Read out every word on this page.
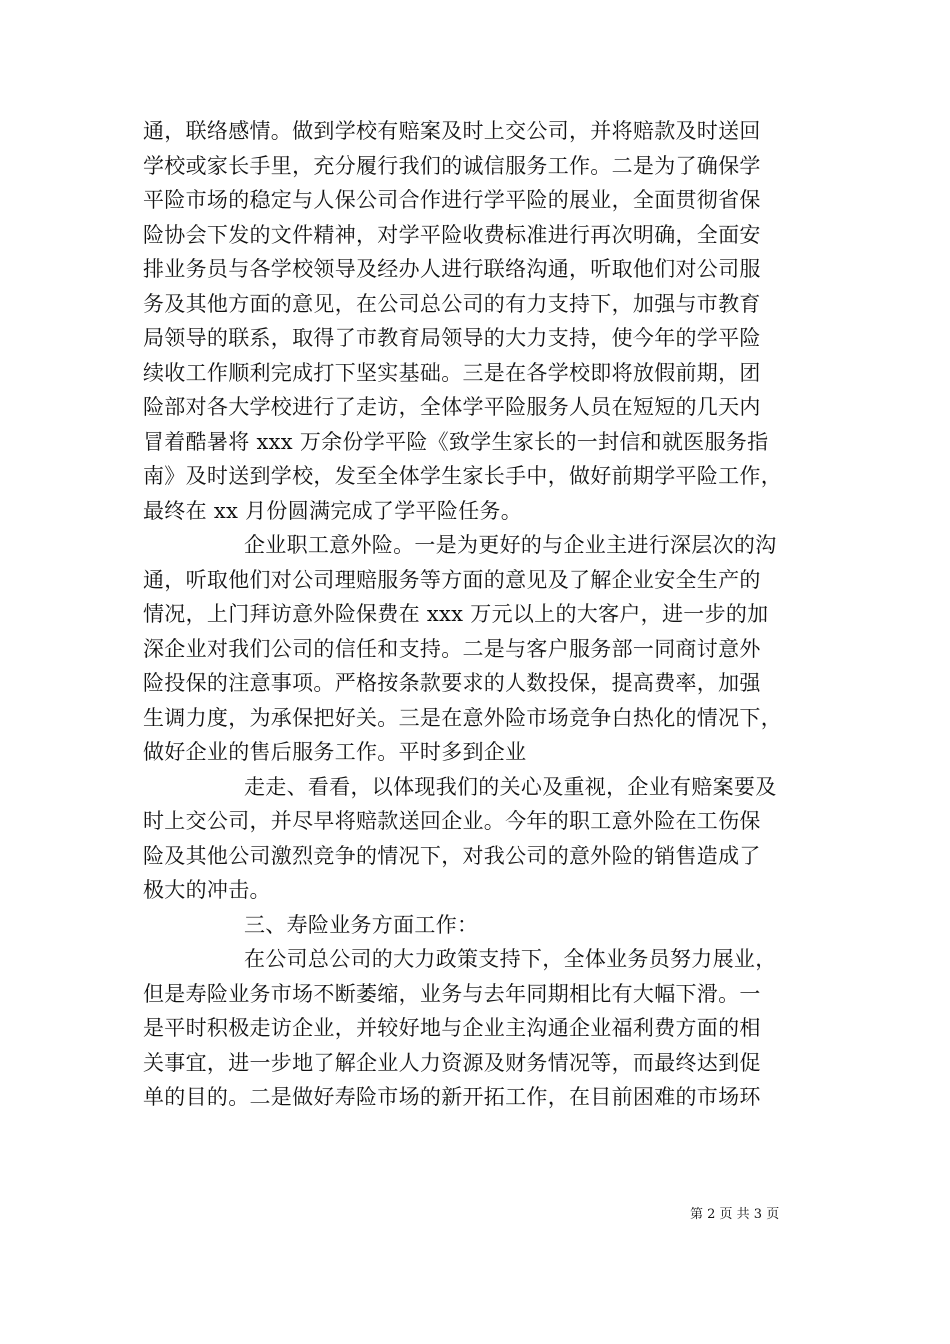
通，联络感情。做到学校有赔案及时上交公司，并将赔款及时送回
学校或家长手里，充分履行我们的诚信服务工作。二是为了确保学
平险市场的稳定与人保公司合作进行学平险的展业，全面贯彻省保
险协会下发的文件精神，对学平险收费标准进行再次明确，全面安
排业务员与各学校领导及经办人进行联络沟通，听取他们对公司服
务及其他方面的意见，在公司总公司的有力支持下，加强与市教育
局领导的联系，取得了市教育局领导的大力支持，使今年的学平险
续收工作顺利完成打下坚实基础。三是在各学校即将放假前期，团
险部对各大学校进行了走访，全体学平险服务人员在短短的几天内
冒着酷暑将 xxx 万余份学平险《致学生家长的一封信和就医服务指
南》及时送到学校，发至全体学生家长手中，做好前期学平险工作，
最终在 xx 月份圆满完成了学平险任务。
企业职工意外险。一是为更好的与企业主进行深层次的沟
通，听取他们对公司理赔服务等方面的意见及了解企业安全生产的
情况，上门拜访意外险保费在 xxx 万元以上的大客户，进一步的加
深企业对我们公司的信任和支持。二是与客户服务部一同商讨意外
险投保的注意事项。严格按条款要求的人数投保，提高费率，加强
生调力度，为承保把好关。三是在意外险市场竞争白热化的情况下，
做好企业的售后服务工作。平时多到企业
走走、看看，以体现我们的关心及重视，企业有赔案要及
时上交公司，并尽早将赔款送回企业。今年的职工意外险在工伤保
险及其他公司激烈竞争的情况下，对我公司的意外险的销售造成了
极大的冲击。
三、寿险业务方面工作：
在公司总公司的大力政策支持下，全体业务员努力展业，
但是寿险业务市场不断萎缩，业务与去年同期相比有大幅下滑。一
是平时积极走访企业，并较好地与企业主沟通企业福利费方面的相
关事宜，进一步地了解企业人力资源及财务情况等，而最终达到促
单的目的。二是做好寿险市场的新开拓工作，在目前困难的市场环
第 2 页 共 3 页
